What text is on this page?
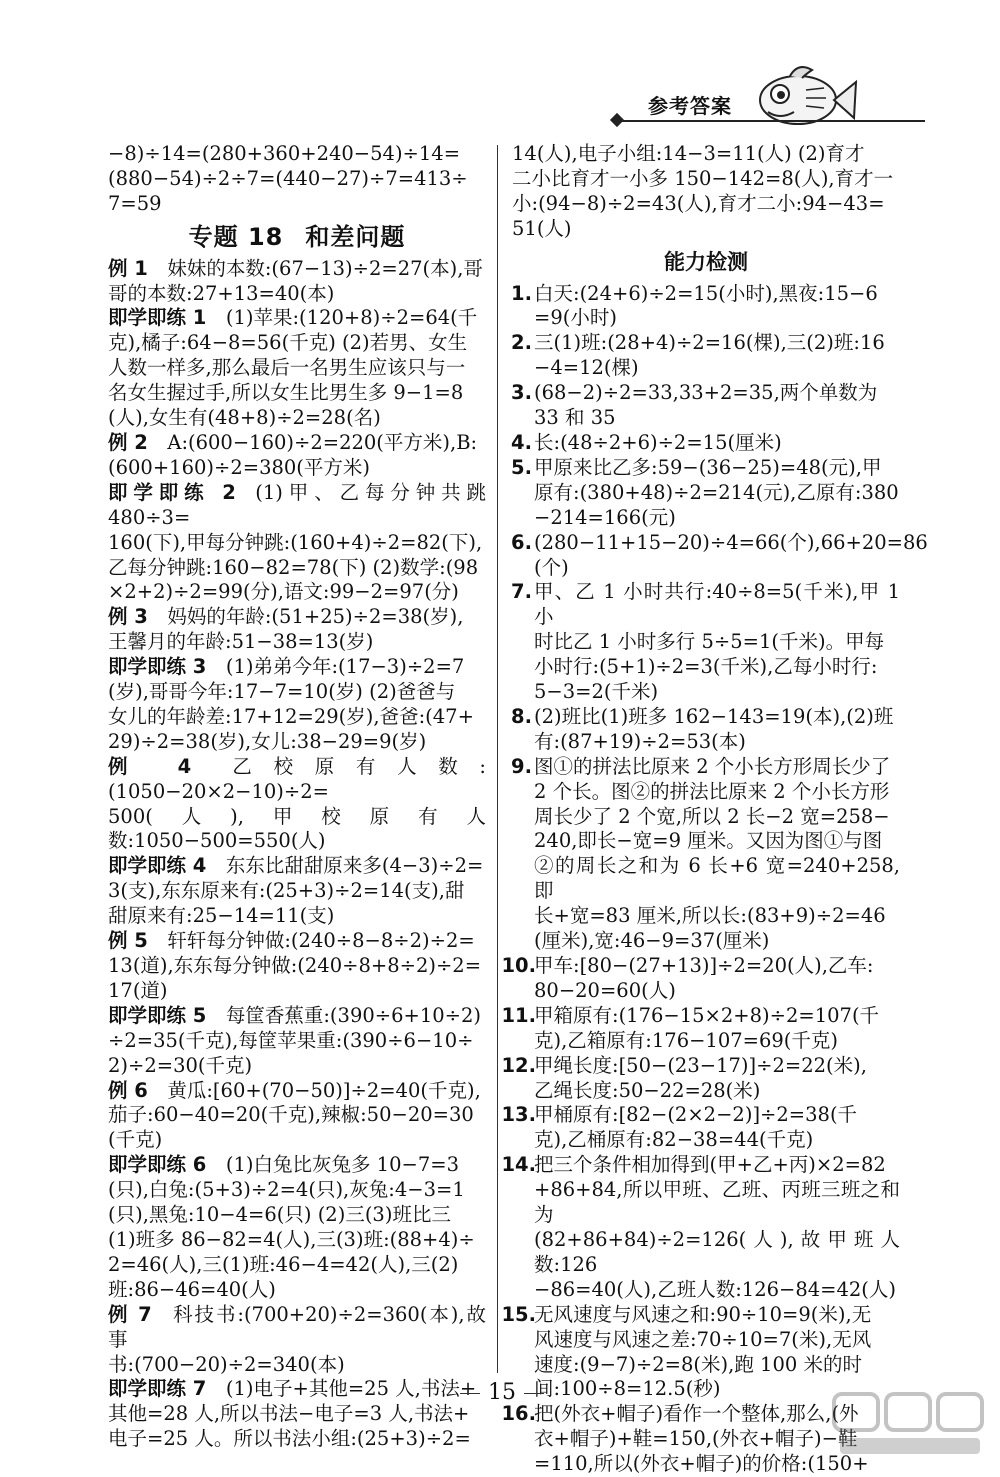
参考答案
−8)÷14=(280+360+240−54)÷14=
(880−54)÷2÷7=(440−27)÷7=413÷
7=59
专题 18 和差问题
例 1  妹妹的本数:(67−13)÷2=27(本),哥
哥的本数:27+13=40(本)
即学即练 1  (1)苹果:(120+8)÷2=64(千
克),橘子:64−8=56(千克) (2)若男、女生
人数一样多,那么最后一名男生应该只与一
名女生握过手,所以女生比男生多 9−1=8
(人),女生有(48+8)÷2=28(名)
例 2  A:(600−160)÷2=220(平方米),B:
(600+160)÷2=380(平方米)
即学即练 2  (1)甲、乙每分钟共跳 480÷3=
160(下),甲每分钟跳:(160+4)÷2=82(下),
乙每分钟跳:160−82=78(下) (2)数学:(98
×2+2)÷2=99(分),语文:99−2=97(分)
例 3  妈妈的年龄:(51+25)÷2=38(岁),
王馨月的年龄:51−38=13(岁)
即学即练 3  (1)弟弟今年:(17−3)÷2=7
(岁),哥哥今年:17−7=10(岁) (2)爸爸与
女儿的年龄差:17+12=29(岁),爸爸:(47+
29)÷2=38(岁),女儿:38−29=9(岁)
例 4  乙校原有人数:(1050−20×2−10)÷2=
500(人),甲校原有人数:1050−500=550(人)
即学即练 4  东东比甜甜原来多(4−3)÷2=
3(支),东东原来有:(25+3)÷2=14(支),甜
甜原来有:25−14=11(支)
例 5  轩轩每分钟做:(240÷8−8÷2)÷2=
13(道),东东每分钟做:(240÷8+8÷2)÷2=
17(道)
即学即练 5  每筐香蕉重:(390÷6+10÷2)
÷2=35(千克),每筐苹果重:(390÷6−10÷
2)÷2=30(千克)
例 6  黄瓜:[60+(70−50)]÷2=40(千克),
茄子:60−40=20(千克),辣椒:50−20=30
(千克)
即学即练 6  (1)白兔比灰兔多 10−7=3
(只),白兔:(5+3)÷2=4(只),灰兔:4−3=1
(只),黑兔:10−4=6(只) (2)三(3)班比三
(1)班多 86−82=4(人),三(3)班:(88+4)÷
2=46(人),三(1)班:46−4=42(人),三(2)
班:86−46=40(人)
例 7  科技书:(700+20)÷2=360(本),故事
书:(700−20)÷2=340(本)
即学即练 7  (1)电子+其他=25 人,书法+
其他=28 人,所以书法−电子=3 人,书法+
电子=25 人。所以书法小组:(25+3)÷2=
14(人),电子小组:14−3=11(人) (2)育才
二小比育才一小多 150−142=8(人),育才一
小:(94−8)÷2=43(人),育才二小:94−43=
51(人)
能力检测
1. 白天:(24+6)÷2=15(小时),黑夜:15−6
=9(小时)
2. 三(1)班:(28+4)÷2=16(棵),三(2)班:16
−4=12(棵)
3. (68−2)÷2=33,33+2=35,两个单数为
33 和 35
4. 长:(48÷2+6)÷2=15(厘米)
5. 甲原来比乙多:59−(36−25)=48(元),甲
原有:(380+48)÷2=214(元),乙原有:380
−214=166(元)
6. (280−11+15−20)÷4=66(个),66+20=86
(个)
7. 甲、乙 1 小时共行:40÷8=5(千米),甲 1 小
时比乙 1 小时多行 5÷5=1(千米)。甲每
小时行:(5+1)÷2=3(千米),乙每小时行:
5−3=2(千米)
8. (2)班比(1)班多 162−143=19(本),(2)班
有:(87+19)÷2=53(本)
9. 图①的拼法比原来 2 个小长方形周长少了
2 个长。图②的拼法比原来 2 个小长方形
周长少了 2 个宽,所以 2 长−2 宽=258−
240,即长−宽=9 厘米。又因为图①与图
②的周长之和为 6 长+6 宽=240+258,即
长+宽=83 厘米,所以长:(83+9)÷2=46
(厘米),宽:46−9=37(厘米)
10.
甲车:[80−(27+13)]÷2=20(人),乙车:
80−20=60(人)
11.
甲箱原有:(176−15×2+8)÷2=107(千
克),乙箱原有:176−107=69(千克)
12.
甲绳长度:[50−(23−17)]÷2=22(米),
乙绳长度:50−22=28(米)
13.
甲桶原有:[82−(2×2−2)]÷2=38(千
克),乙桶原有:82−38=44(千克)
14.
把三个条件相加得到(甲+乙+丙)×2=82
+86+84,所以甲班、乙班、丙班三班之和为
(82+86+84)÷2=126(人),故甲班人数:126
−86=40(人),乙班人数:126−84=42(人)
15.
无风速度与风速之和:90÷10=9(米),无
风速度与风速之差:70÷10=7(米),无风
速度:(9−7)÷2=8(米),跑 100 米的时
间:100÷8=12.5(秒)
16.
把(外衣+帽子)看作一个整体,那么,(外
衣+帽子)+鞋=150,(外衣+帽子)−鞋
=110,所以(外衣+帽子)的价格:(150+
15
